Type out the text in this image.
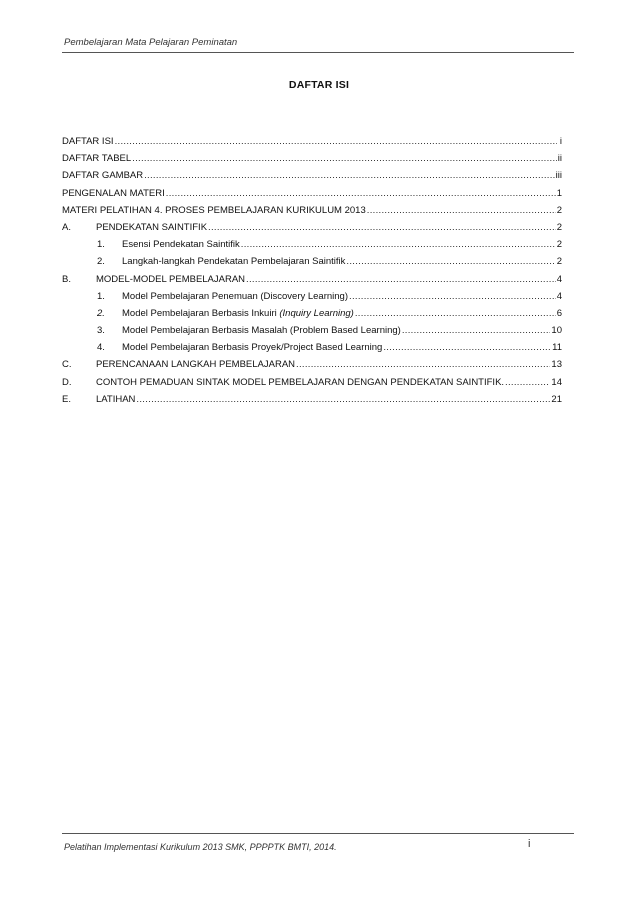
Pembelajaran Mata Pelajaran Peminatan
DAFTAR ISI
DAFTAR ISI .....	i
DAFTAR TABEL .....	ii
DAFTAR GAMBAR .....	iii
PENGENALAN MATERI .....	1
MATERI PELATIHAN 4. PROSES PEMBELAJARAN KURIKULUM 2013 .....	2
A.	PENDEKATAN SAINTIFIK .....	2
1.	Esensi Pendekatan Saintifik .....	2
2.	Langkah-langkah Pendekatan Pembelajaran Saintifik .....	2
B.	MODEL-MODEL PEMBELAJARAN .....	4
1.	Model Pembelajaran Penemuan (Discovery Learning) .....	4
2.	Model Pembelajaran Berbasis Inkuiri (Inquiry Learning) .....	6
3.	Model Pembelajaran Berbasis Masalah (Problem Based Learning) .....	10
4.	Model Pembelajaran Berbasis Proyek/Project Based Learning .....	11
C.	PERENCANAAN LANGKAH PEMBELAJARAN .....	13
D.	CONTOH PEMADUAN SINTAK MODEL PEMBELAJARAN DENGAN PENDEKATAN SAINTIFIK. .....	14
E.	LATIHAN .....	21
Pelatihan Implementasi Kurikulum 2013 SMK, PPPPTK BMTI, 2014.	i
